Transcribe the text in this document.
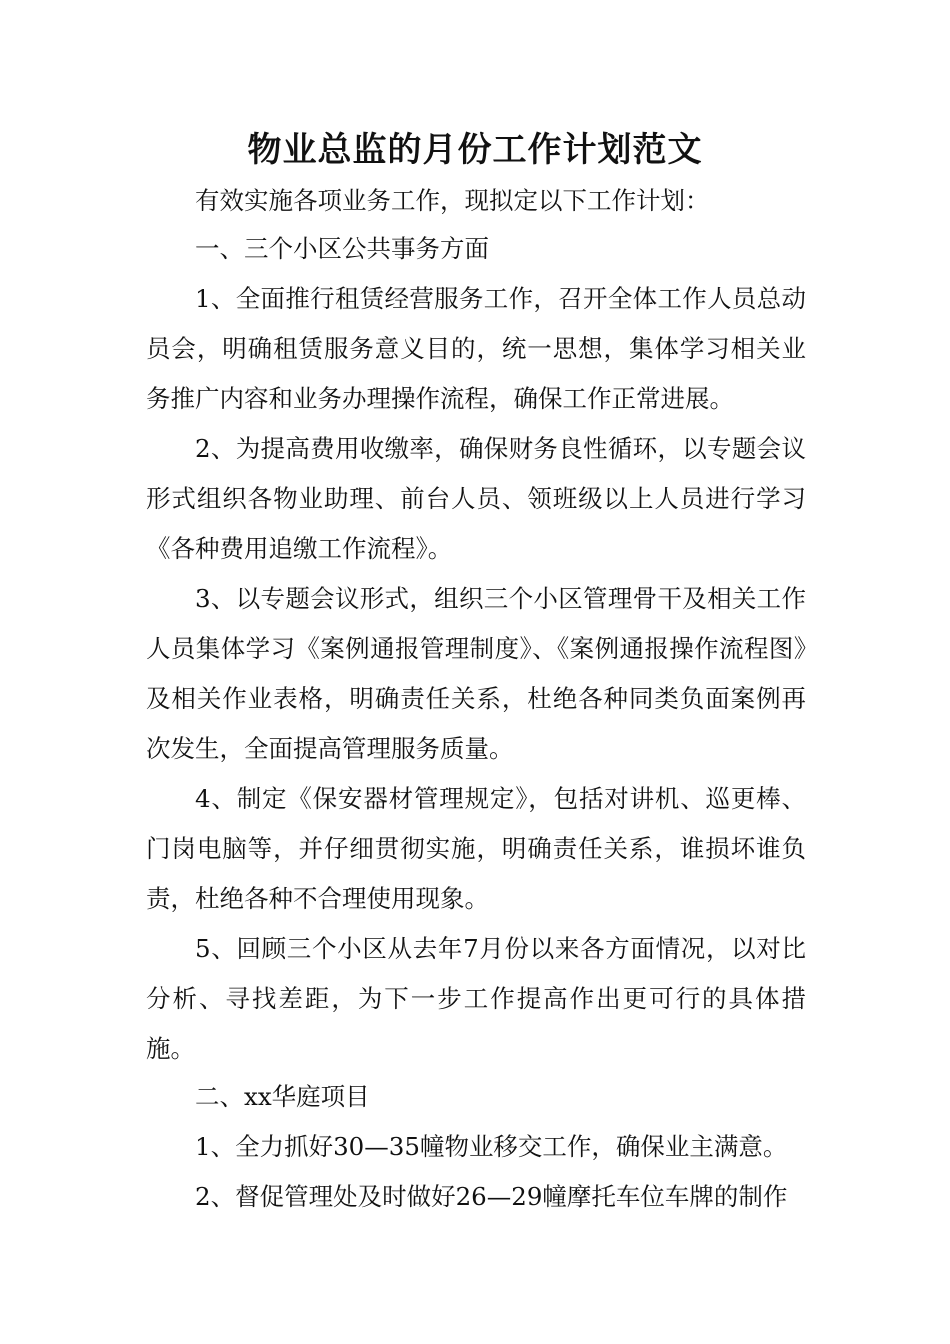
物业总监的月份工作计划范文

有效实施各项业务工作，现拟定以下工作计划：

一、三个小区公共事务方面

1、全面推行租赁经营服务工作，召开全体工作人员总动员会，明确租赁服务意义目的，统一思想，集体学习相关业务推广内容和业务办理操作流程，确保工作正常进展。

2、为提高费用收缴率，确保财务良性循环，以专题会议形式组织各物业助理、前台人员、领班级以上人员进行学习《各种费用追缴工作流程》。

3、以专题会议形式，组织三个小区管理骨干及相关工作人员集体学习《案例通报管理制度》、《案例通报操作流程图》及相关作业表格，明确责任关系，杜绝各种同类负面案例再次发生，全面提高管理服务质量。

4、制定《保安器材管理规定》，包括对讲机、巡更棒、门岗电脑等，并仔细贯彻实施，明确责任关系，谁损坏谁负责，杜绝各种不合理使用现象。

5、回顾三个小区从去年7月份以来各方面情况，以对比分析、寻找差距，为下一步工作提高作出更可行的具体措施。

二、xx华庭项目

1、全力抓好30—35幢物业移交工作，确保业主满意。

2、督促管理处及时做好26—29幢摩托车位车牌的制作
